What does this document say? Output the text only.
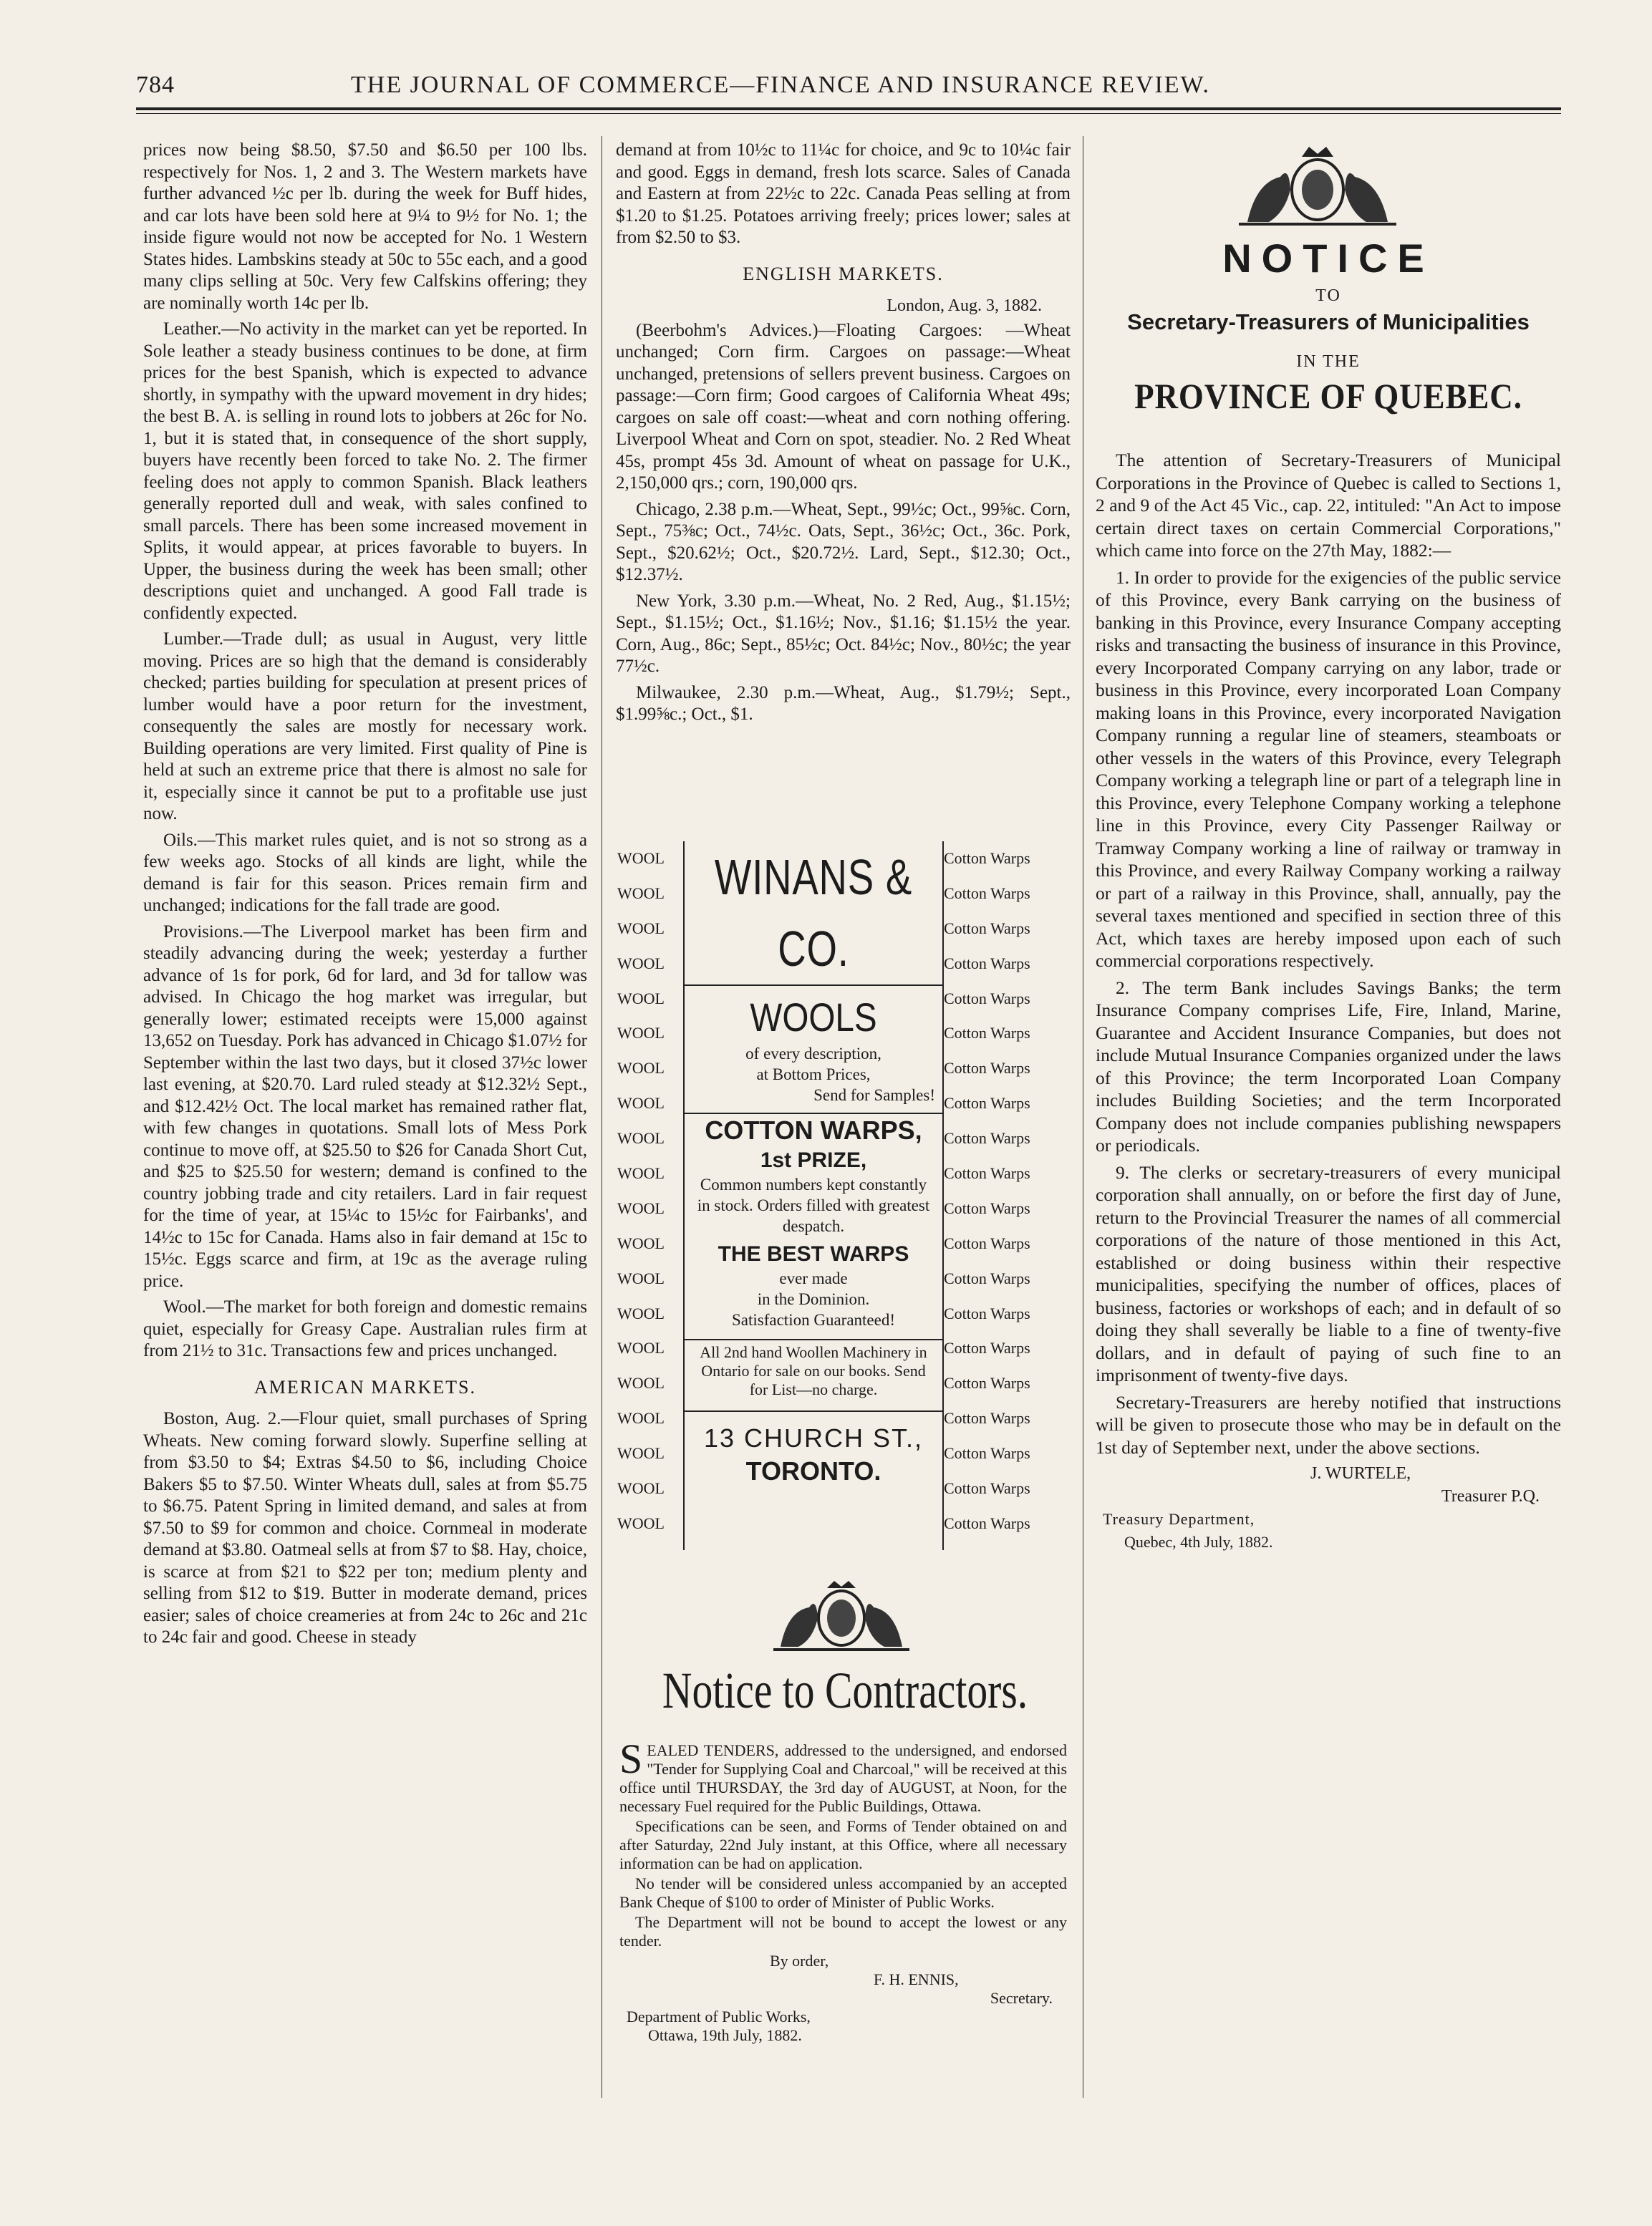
784	THE JOURNAL OF COMMERCE—FINANCE AND INSURANCE REVIEW.

prices now being $8.50, $7.50 and $6.50 per 100 lbs. respectively for Nos. 1, 2 and 3. The Western markets have further advanced ½c per lb. during the week for Buff hides, and car lots have been sold here at 9¼ to 9½ for No. 1; the inside figure would not now be accepted for No. 1 Western States hides. Lambskins steady at 50c to 55c each, and a good many clips selling at 50c. Very few Calfskins offering; they are nominally worth 14c per lb.

Leather.—No activity in the market can yet be reported. In Sole leather a steady business continues to be done, at firm prices for the best Spanish, which is expected to advance shortly, in sympathy with the upward movement in dry hides; the best B. A. is selling in round lots to jobbers at 26c for No. 1, but it is stated that, in consequence of the short supply, buyers have recently been forced to take No. 2. The firmer feeling does not apply to common Spanish. Black leathers generally reported dull and weak, with sales confined to small parcels. There has been some increased movement in Splits, it would appear, at prices favorable to buyers. In Upper, the business during the week has been small; other descriptions quiet and unchanged. A good Fall trade is confidently expected.

Lumber.—Trade dull; as usual in August, very little moving. Prices are so high that the demand is considerably checked; parties building for speculation at present prices of lumber would have a poor return for the investment, consequently the sales are mostly for necessary work. Building operations are very limited. First quality of Pine is held at such an extreme price that there is almost no sale for it, especially since it cannot be put to a profitable use just now.

Oils.—This market rules quiet, and is not so strong as a few weeks ago. Stocks of all kinds are light, while the demand is fair for this season. Prices remain firm and unchanged; indications for the fall trade are good.

Provisions.—The Liverpool market has been firm and steadily advancing during the week; yesterday a further advance of 1s for pork, 6d for lard, and 3d for tallow was advised. In Chicago the hog market was irregular, but generally lower; estimated receipts were 15,000 against 13,652 on Tuesday. Pork has advanced in Chicago $1.07½ for September within the last two days, but it closed 37½c lower last evening, at $20.70. Lard ruled steady at $12.32½ Sept., and $12.42½ Oct. The local market has remained rather flat, with few changes in quotations. Small lots of Mess Pork continue to move off, at $25.50 to $26 for Canada Short Cut, and $25 to $25.50 for western; demand is confined to the country jobbing trade and city retailers. Lard in fair request for the time of year, at 15¼c to 15½c for Fairbanks', and 14½c to 15c for Canada. Hams also in fair demand at 15c to 15½c. Eggs scarce and firm, at 19c as the average ruling price.

Wool.—The market for both foreign and domestic remains quiet, especially for Greasy Cape. Australian rules firm at from 21½ to 31c. Transactions few and prices unchanged.

AMERICAN MARKETS.

Boston, Aug. 2.—Flour quiet, small purchases of Spring Wheats. New coming forward slowly. Superfine selling at from $3.50 to $4; Extras $4.50 to $6, including Choice Bakers $5 to $7.50. Winter Wheats dull, sales at from $5.75 to $6.75. Patent Spring in limited demand, and sales at from $7.50 to $9 for common and choice. Cornmeal in moderate demand at $3.80. Oatmeal sells at from $7 to $8. Hay, choice, is scarce at from $21 to $22 per ton; medium plenty and selling from $12 to $19. Butter in moderate demand, prices easier; sales of choice creameries at from 24c to 26c and 21c to 24c fair and good. Cheese in steady

demand at from 10½c to 11¼c for choice, and 9c to 10¼c fair and good. Eggs in demand, fresh lots scarce. Sales of Canada and Eastern at from 22½c to 22c. Canada Peas selling at from $1.20 to $1.25. Potatoes arriving freely; prices lower; sales at from $2.50 to $3.

ENGLISH MARKETS.
London, Aug. 3, 1882.

(Beerbohm's Advices.)—Floating Cargoes: —Wheat unchanged; Corn firm. Cargoes on passage:—Wheat unchanged, pretensions of sellers prevent business. Cargoes on passage:—Corn firm; Good cargoes of California Wheat 49s; cargoes on sale off coast:—wheat and corn nothing offering. Liverpool Wheat and Corn on spot, steadier. No. 2 Red Wheat 45s, prompt 45s 3d. Amount of wheat on passage for U.K., 2,150,000 qrs.; corn, 190,000 qrs.

Chicago, 2.38 p.m.—Wheat, Sept., 99½c; Oct., 99⅝c. Corn, Sept., 75⅜c; Oct., 74½c. Oats, Sept., 36½c; Oct., 36c. Pork, Sept., $20.62½; Oct., $20.72½. Lard, Sept., $12.30; Oct., $12.37½.

New York, 3.30 p.m.—Wheat, No. 2 Red, Aug., $1.15½; Sept., $1.15½; Oct., $1.16½; Nov., $1.16; $1.15½ the year. Corn, Aug., 86c; Sept., 85½c; Oct. 84½c; Nov., 80½c; the year 77½c.

Milwaukee, 2.30 p.m.—Wheat, Aug., $1.79½; Sept., $1.99⅝c.; Oct., $1.

WOOL
WOOL
WOOL
WOOL
WOOL
WOOL
WOOL
WOOL
WOOL
WOOL
WOOL
WOOL
WOOL
WOOL
WOOL
WOOL
WOOL
WOOL
WOOL
WOOL
Cotton Warps
Cotton Warps
Cotton Warps
Cotton Warps
Cotton Warps
Cotton Warps
Cotton Warps
Cotton Warps
Cotton Warps
Cotton Warps
Cotton Warps
Cotton Warps
Cotton Warps
Cotton Warps
Cotton Warps
Cotton Warps
Cotton Warps
Cotton Warps
Cotton Warps
Cotton Warps
WINANS & CO.
WOOLS
of every description,
at Bottom Prices,
Send for Samples!
COTTON WARPS,
1st PRIZE,
Common numbers kept constantly in stock. Orders filled with greatest despatch.
THE BEST WARPS
ever made
in the Dominion.
Satisfaction Guaranteed!
All 2nd hand Woollen Machinery in Ontario for sale on our books. Send for List—no charge.
13 CHURCH ST.,
TORONTO.
Notice to Contractors.

SEALED TENDERS, addressed to the undersigned, and endorsed "Tender for Supplying Coal and Charcoal," will be received at this office until THURSDAY, the 3rd day of AUGUST, at Noon, for the necessary Fuel required for the Public Buildings, Ottawa.

Specifications can be seen, and Forms of Tender obtained on and after Saturday, 22nd July instant, at this Office, where all necessary information can be had on application.

No tender will be considered unless accompanied by an accepted Bank Cheque of $100 to order of Minister of Public Works.

The Department will not be bound to accept the lowest or any tender.

By order,
F. H. ENNIS,
Secretary.
Department of Public Works,
Ottawa, 19th July, 1882.
NOTICE
TO
Secretary-Treasurers of Municipalities
IN THE
PROVINCE OF QUEBEC.

The attention of Secretary-Treasurers of Municipal Corporations in the Province of Quebec is called to Sections 1, 2 and 9 of the Act 45 Vic., cap. 22, intituled: "An Act to impose certain direct taxes on certain Commercial Corporations," which came into force on the 27th May, 1882:—

1. In order to provide for the exigencies of the public service of this Province, every Bank carrying on the business of banking in this Province, every Insurance Company accepting risks and transacting the business of insurance in this Province, every Incorporated Company carrying on any labor, trade or business in this Province, every incorporated Loan Company making loans in this Province, every incorporated Navigation Company running a regular line of steamers, steamboats or other vessels in the waters of this Province, every Telegraph Company working a telegraph line or part of a telegraph line in this Province, every Telephone Company working a telephone line in this Province, every City Passenger Railway or Tramway Company working a line of railway or tramway in this Province, and every Railway Company working a railway or part of a railway in this Province, shall, annually, pay the several taxes mentioned and specified in section three of this Act, which taxes are hereby imposed upon each of such commercial corporations respectively.

2. The term Bank includes Savings Banks; the term Insurance Company comprises Life, Fire, Inland, Marine, Guarantee and Accident Insurance Companies, but does not include Mutual Insurance Companies organized under the laws of this Province; the term Incorporated Loan Company includes Building Societies; and the term Incorporated Company does not include companies publishing newspapers or periodicals.

9. The clerks or secretary-treasurers of every municipal corporation shall annually, on or before the first day of June, return to the Provincial Treasurer the names of all commercial corporations of the nature of those mentioned in this Act, established or doing business within their respective municipalities, specifying the number of offices, places of business, factories or workshops of each; and in default of so doing they shall severally be liable to a fine of twenty-five dollars, and in default of paying of such fine to an imprisonment of twenty-five days.

Secretary-Treasurers are hereby notified that instructions will be given to prosecute those who may be in default on the 1st day of September next, under the above sections.

J. WURTELE,
Treasurer P.Q.
Treasury Department,
Quebec, 4th July, 1882.
